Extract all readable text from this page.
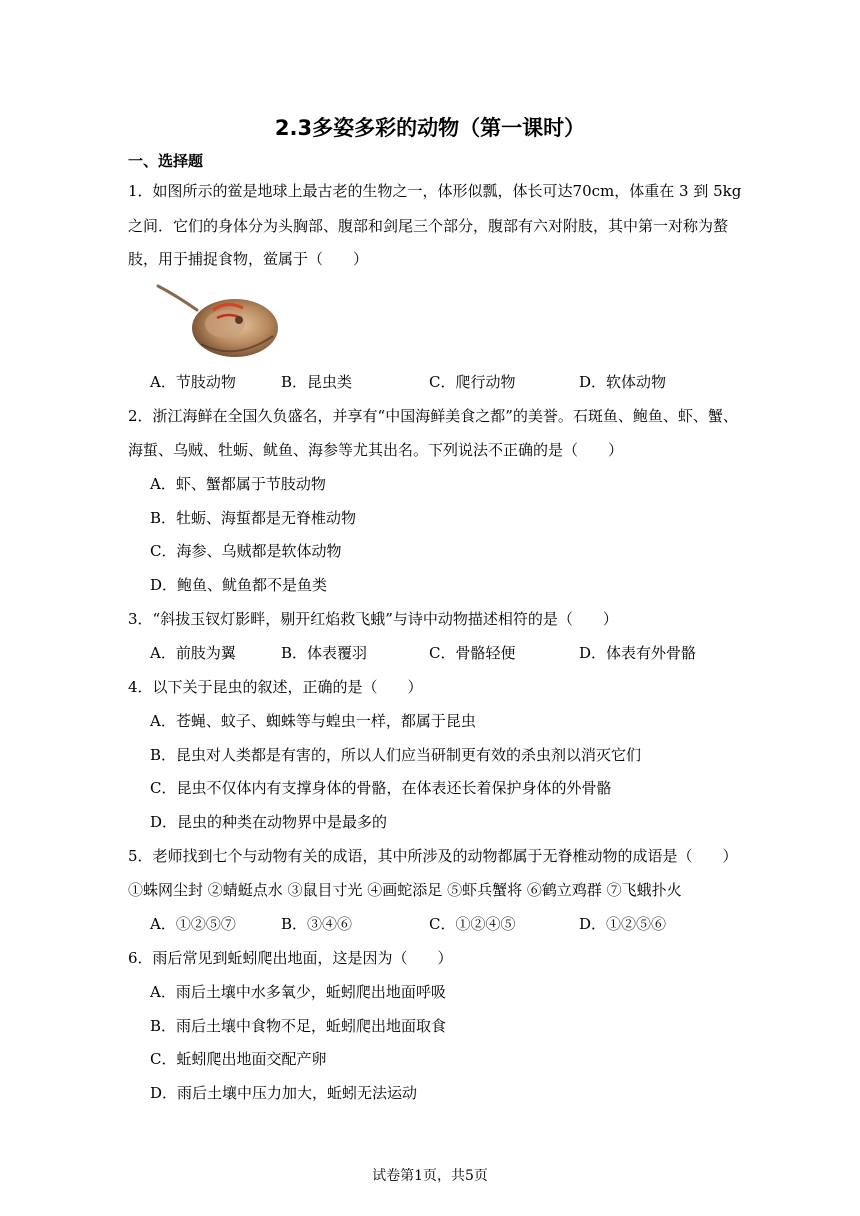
2.3多姿多彩的动物（第一课时）
一、选择题
1．如图所示的鲎是地球上最古老的生物之一，体形似瓢，体长可达70cm，体重在 3 到 5kg
之间．它们的身体分为头胸部、腹部和剑尾三个部分，腹部有六对附肢，其中第一对称为螯
肢，用于捕捉食物，鲎属于（　　）
A．节肢动物	B．昆虫类	C．爬行动物	D．软体动物
2．浙江海鲜在全国久负盛名，并享有“中国海鲜美食之都”的美誉。石斑鱼、鲍鱼、虾、蟹、
海蜇、乌贼、牡蛎、鱿鱼、海参等尤其出名。下列说法不正确的是（　　）
A．虾、蟹都属于节肢动物
B．牡蛎、海蜇都是无脊椎动物
C．海参、乌贼都是软体动物
D．鲍鱼、鱿鱼都不是鱼类
3．“斜拔玉钗灯影畔，剔开红焰救飞蛾”与诗中动物描述相符的是（　　）
A．前肢为翼	B．体表覆羽	C．骨骼轻便	D．体表有外骨骼
4．以下关于昆虫的叙述，正确的是（　　）
A．苍蝇、蚊子、蜘蛛等与蝗虫一样，都属于昆虫
B．昆虫对人类都是有害的，所以人们应当研制更有效的杀虫剂以消灭它们
C．昆虫不仅体内有支撑身体的骨骼，在体表还长着保护身体的外骨骼
D．昆虫的种类在动物界中是最多的
5．老师找到七个与动物有关的成语，其中所涉及的动物都属于无脊椎动物的成语是（　　）
①蛛网尘封 ②蜻蜓点水 ③鼠目寸光 ④画蛇添足 ⑤虾兵蟹将 ⑥鹤立鸡群 ⑦飞蛾扑火
A．①②⑤⑦	B．③④⑥	C．①②④⑤	D．①②⑤⑥
6．雨后常见到蚯蚓爬出地面，这是因为（　　）
A．雨后土壤中水多氧少，蚯蚓爬出地面呼吸
B．雨后土壤中食物不足，蚯蚓爬出地面取食
C．蚯蚓爬出地面交配产卵
D．雨后土壤中压力加大，蚯蚓无法运动
试卷第1页，共5页
